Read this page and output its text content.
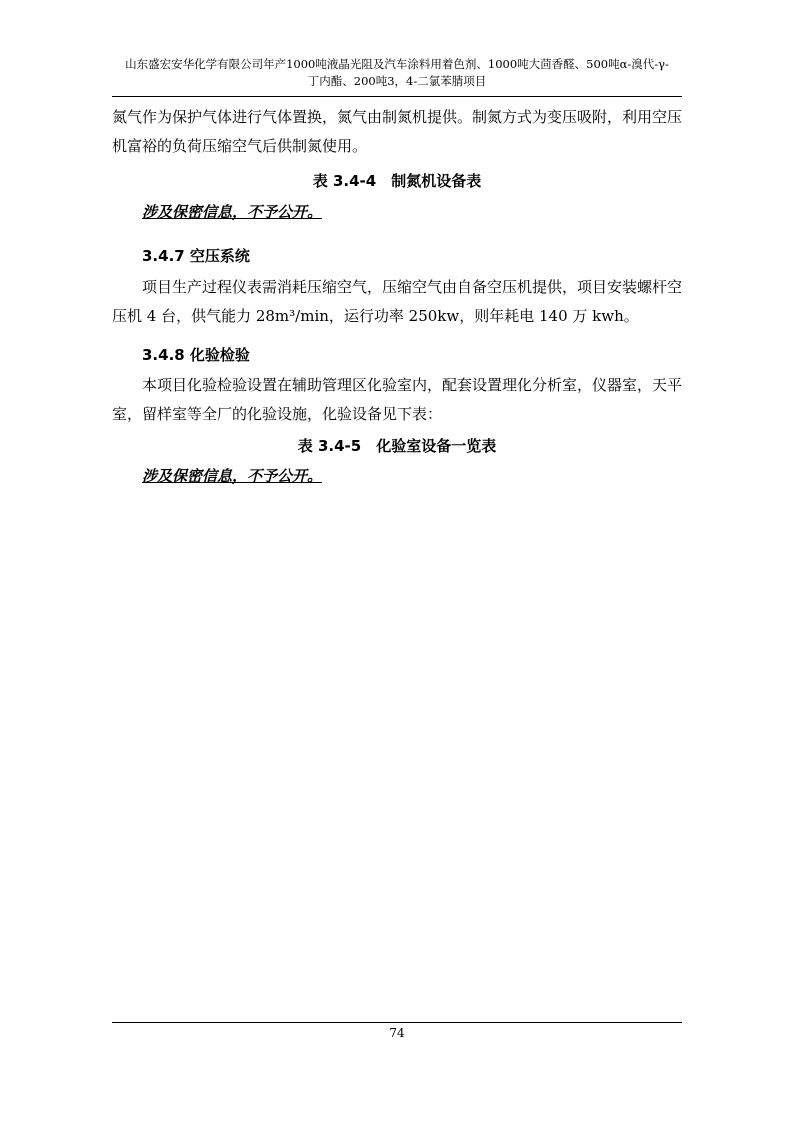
山东盛宏安华化学有限公司年产1000吨液晶光阻及汽车涂料用着色剂、1000吨大茴香醛、500吨α-溴代-γ-
丁内酯、200吨3，4-二氯苯腈项目
氮气作为保护气体进行气体置换，氮气由制氮机提供。制氮方式为变压吸附，利用空压机富裕的负荷压缩空气后供制氮使用。
表 3.4-4　制氮机设备表
涉及保密信息，不予公开。
3.4.7 空压系统
项目生产过程仪表需消耗压缩空气，压缩空气由自备空压机提供，项目安装螺杆空压机 4 台，供气能力 28m³/min，运行功率 250kw，则年耗电 140 万 kwh。
3.4.8 化验检验
本项目化验检验设置在辅助管理区化验室内，配套设置理化分析室，仪器室，天平室，留样室等全厂的化验设施，化验设备见下表：
表 3.4-5　化验室设备一览表
涉及保密信息，不予公开。
74
